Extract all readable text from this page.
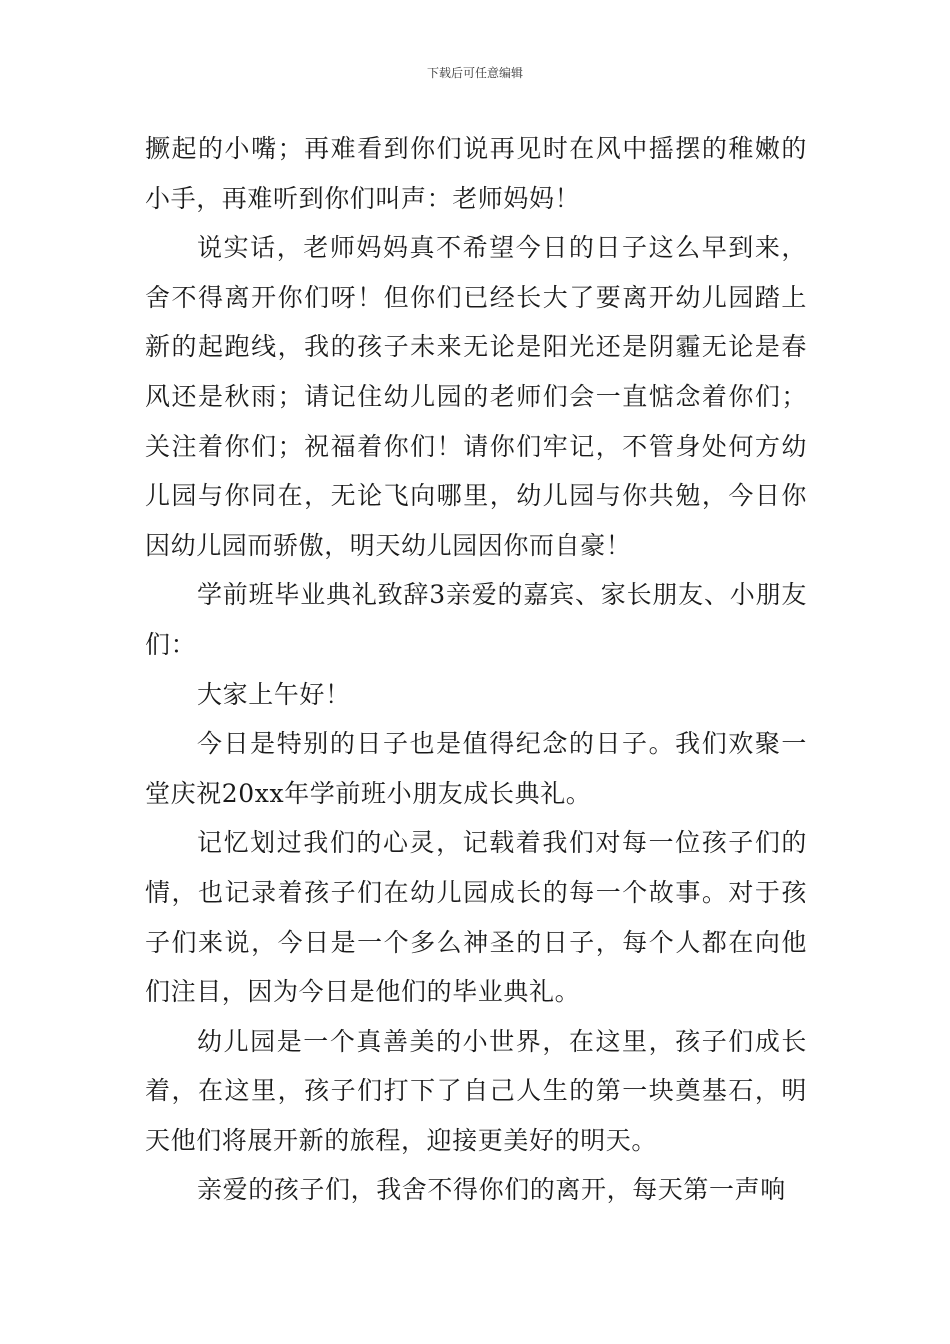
下载后可任意编辑

撅起的小嘴；再难看到你们说再见时在风中摇摆的稚嫩的小手，再难听到你们叫声：老师妈妈！

说实话，老师妈妈真不希望今日的日子这么早到来，舍不得离开你们呀！但你们已经长大了要离开幼儿园踏上新的起跑线，我的孩子未来无论是阳光还是阴霾无论是春风还是秋雨；请记住幼儿园的老师们会一直惦念着你们；关注着你们；祝福着你们！请你们牢记，不管身处何方幼儿园与你同在，无论飞向哪里，幼儿园与你共勉，今日你因幼儿园而骄傲，明天幼儿园因你而自豪！

学前班毕业典礼致辞3亲爱的嘉宾、家长朋友、小朋友们：

大家上午好！

今日是特别的日子也是值得纪念的日子。我们欢聚一堂庆祝20xx年学前班小朋友成长典礼。

记忆划过我们的心灵，记载着我们对每一位孩子们的情，也记录着孩子们在幼儿园成长的每一个故事。对于孩子们来说，今日是一个多么神圣的日子，每个人都在向他们注目，因为今日是他们的毕业典礼。

幼儿园是一个真善美的小世界，在这里，孩子们成长着，在这里，孩子们打下了自己人生的第一块奠基石，明天他们将展开新的旅程，迎接更美好的明天。

亲爱的孩子们，我舍不得你们的离开，每天第一声响
